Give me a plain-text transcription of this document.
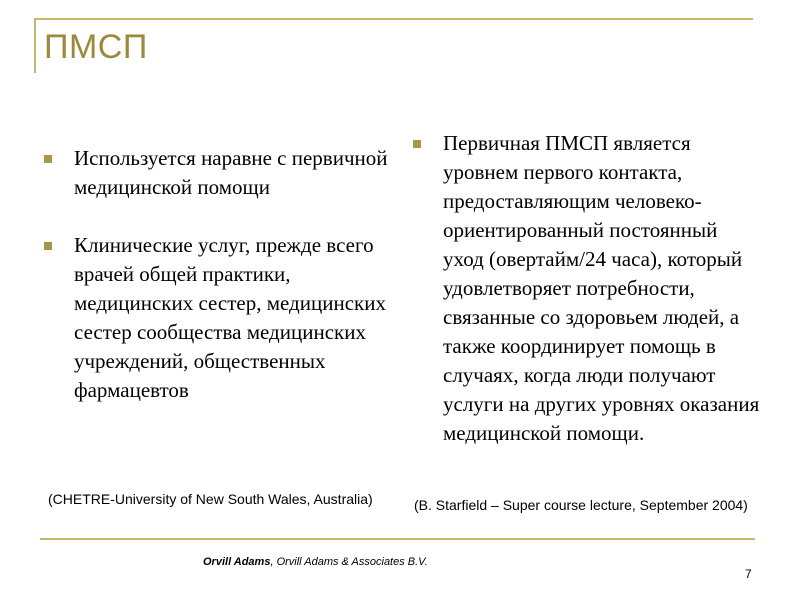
ПМСП
Используется наравне с первичной медицинской помощи
Клинические услуг, прежде всего врачей общей практики, медицинских сестер, медицинских сестер сообщества медицинских учреждений, общественных фармацевтов
Первичная ПМСП является уровнем первого контакта, предоставляющим человеко-ориентированный постоянный уход (овертайм/24 часа), который удовлетворяет потребности, связанные со здоровьем людей, а также координирует помощь в случаях, когда люди получают услуги на других уровнях оказания медицинской помощи.
(CHETRE-University of New South Wales, Australia)	(B. Starfield – Super course lecture, September 2004)
Orvill Adams, Orvill Adams & Associates B.V.
7
